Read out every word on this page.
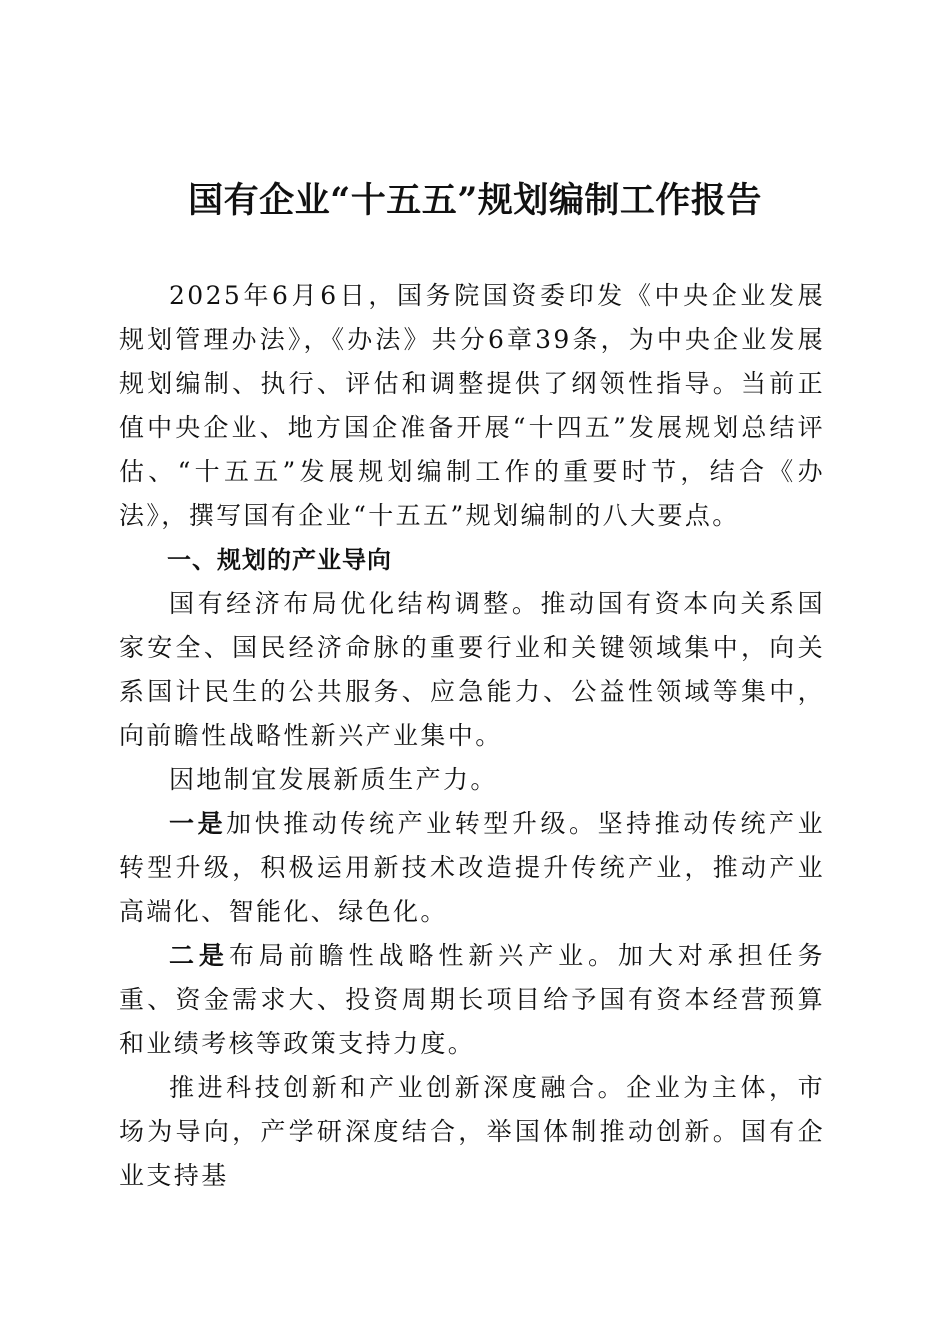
国有企业“十五五”规划编制工作报告

2025年6月6日，国务院国资委印发《中央企业发展规划管理办法》，《办法》共分6章39条，为中央企业发展规划编制、执行、评估和调整提供了纲领性指导。当前正值中央企业、地方国企准备开展“十四五”发展规划总结评估、“十五五”发展规划编制工作的重要时节，结合《办法》，撰写国有企业“十五五”规划编制的八大要点。

一、规划的产业导向

国有经济布局优化结构调整。推动国有资本向关系国家安全、国民经济命脉的重要行业和关键领域集中，向关系国计民生的公共服务、应急能力、公益性领域等集中，向前瞻性战略性新兴产业集中。

因地制宜发展新质生产力。

一是加快推动传统产业转型升级。坚持推动传统产业转型升级，积极运用新技术改造提升传统产业，推动产业高端化、智能化、绿色化。

二是布局前瞻性战略性新兴产业。加大对承担任务重、资金需求大、投资周期长项目给予国有资本经营预算和业绩考核等政策支持力度。

推进科技创新和产业创新深度融合。企业为主体，市场为导向，产学研深度结合，举国体制推动创新。国有企业支持基
